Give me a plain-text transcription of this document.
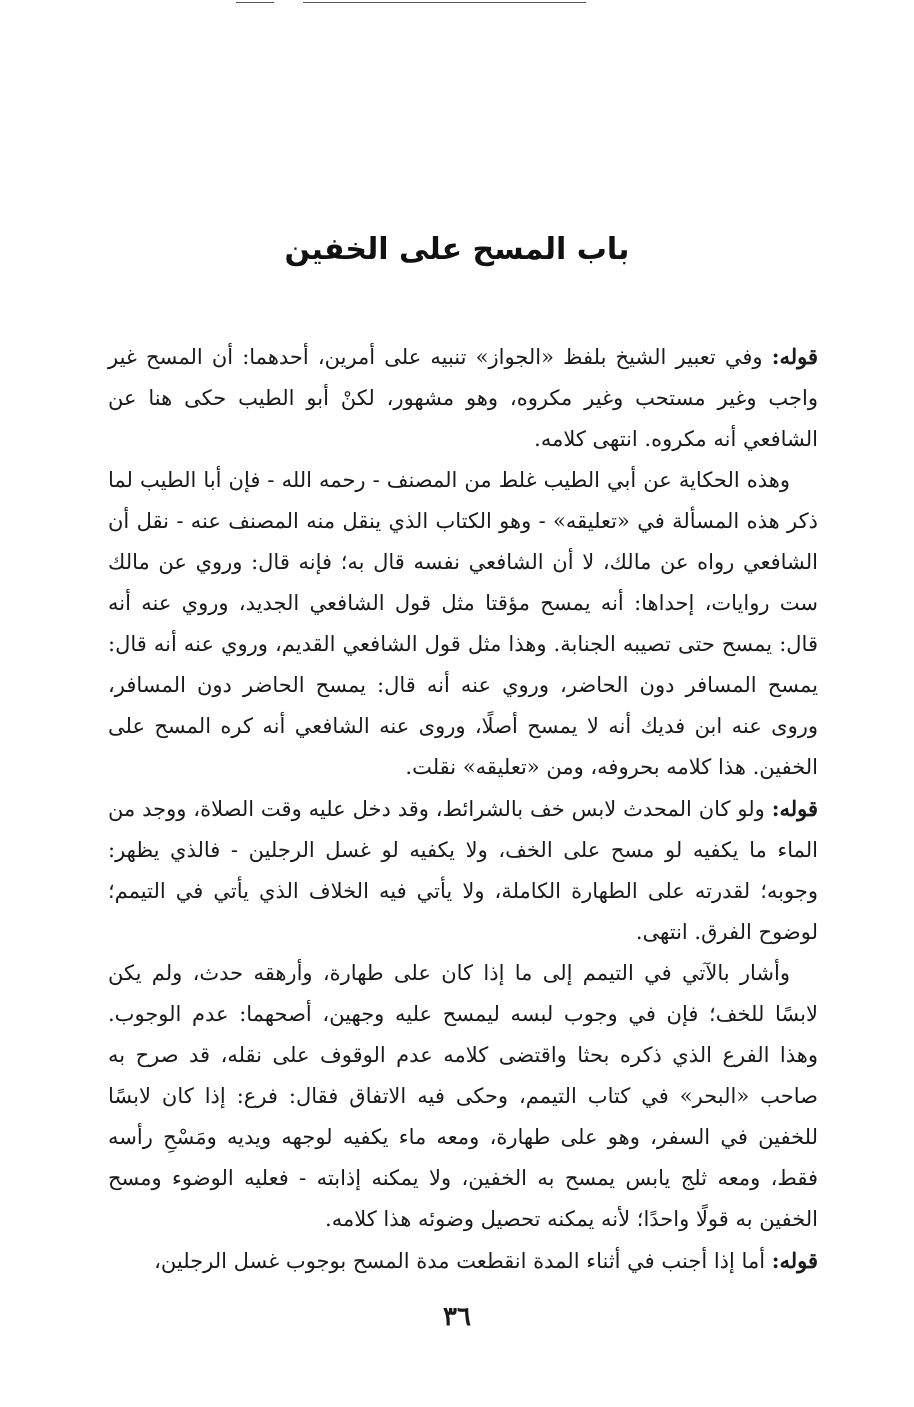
باب المسح على الخفين

قوله: وفي تعبير الشيخ بلفظ «الجواز» تنبيه على أمرين، أحدهما: أن المسح غير واجب وغير مستحب وغير مكروه، وهو مشهور، لكنْ أبو الطيب حكى هنا عن الشافعي أنه مكروه. انتهى كلامه.

وهذه الحكاية عن أبي الطيب غلط من المصنف - رحمه الله - فإن أبا الطيب لما ذكر هذه المسألة في «تعليقه» - وهو الكتاب الذي ينقل منه المصنف عنه - نقل أن الشافعي رواه عن مالك، لا أن الشافعي نفسه قال به؛ فإنه قال: وروي عن مالك ست روايات، إحداها: أنه يمسح مؤقتا مثل قول الشافعي الجديد، وروي عنه أنه قال: يمسح حتى تصيبه الجنابة. وهذا مثل قول الشافعي القديم، وروي عنه أنه قال: يمسح المسافر دون الحاضر، وروي عنه أنه قال: يمسح الحاضر دون المسافر، وروى عنه ابن فديك أنه لا يمسح أصلًا، وروى عنه الشافعي أنه كره المسح على الخفين. هذا كلامه بحروفه، ومن «تعليقه» نقلت.

قوله: ولو كان المحدث لابس خف بالشرائط، وقد دخل عليه وقت الصلاة، ووجد من الماء ما يكفيه لو مسح على الخف، ولا يكفيه لو غسل الرجلين - فالذي يظهر: وجوبه؛ لقدرته على الطهارة الكاملة، ولا يأتي فيه الخلاف الذي يأتي في التيمم؛ لوضوح الفرق. انتهى.

وأشار بالآتي في التيمم إلى ما إذا كان على طهارة، وأرهقه حدث، ولم يكن لابسًا للخف؛ فإن في وجوب لبسه ليمسح عليه وجهين، أصحهما: عدم الوجوب. وهذا الفرع الذي ذكره بحثا واقتضى كلامه عدم الوقوف على نقله، قد صرح به صاحب «البحر» في كتاب التيمم، وحكى فيه الاتفاق فقال: فرع: إذا كان لابسًا للخفين في السفر، وهو على طهارة، ومعه ماء يكفيه لوجهه ويديه ومَسْحِ رأسه فقط، ومعه ثلج يابس يمسح به الخفين، ولا يمكنه إذابته - فعليه الوضوء ومسح الخفين به قولًا واحدًا؛ لأنه يمكنه تحصيل وضوئه هذا كلامه.

قوله: أما إذا أجنب في أثناء المدة انقطعت مدة المسح بوجوب غسل الرجلين،

٣٦
